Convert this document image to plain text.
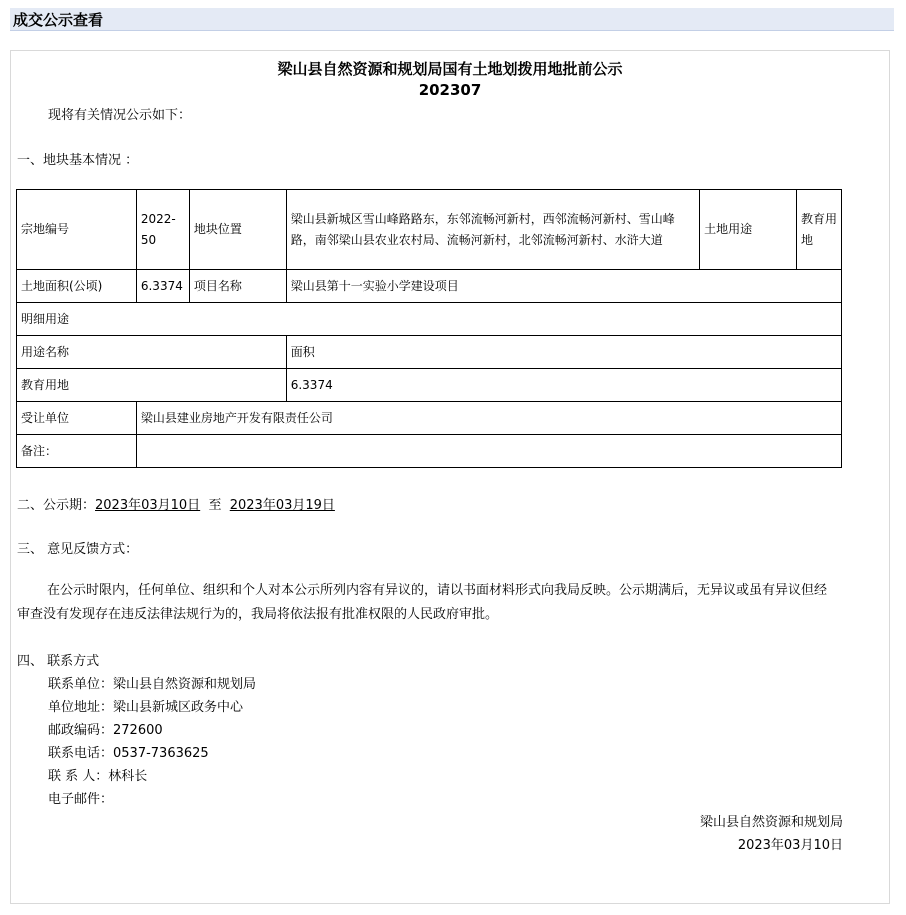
成交公示查看
梁山县自然资源和规划局国有土地划拨用地批前公示
202307
现将有关情况公示如下：
一、地块基本情况 ：
宗地编号	2022-50	地块位置	梁山县新城区雪山峰路路东，东邻流畅河新村，西邻流畅河新村、雪山峰路，南邻梁山县农业农村局、流畅河新村，北邻流畅河新村、水浒大道	土地用途	教育用地
土地面积(公顷)	6.3374	项目名称	梁山县第十一实验小学建设项目		
明细用途					
用途名称			面积		
教育用地			6.3374		
受让单位	梁山县建业房地产开发有限责任公司				
备注：					
二、公示期：2023年03月10日 至 2023年03月19日
三、 意见反馈方式：
在公示时限内，任何单位、组织和个人对本公示所列内容有异议的，请以书面材料形式向我局反映。公示期满后，无异议或虽有异议但经审查没有发现存在违反法律法规行为的，我局将依法报有批准权限的人民政府审批。
四、 联系方式
联系单位：梁山县自然资源和规划局
单位地址：梁山县新城区政务中心
邮政编码：272600
联系电话：0537-7363625
联 系 人：林科长
电子邮件：
梁山县自然资源和规划局
2023年03月10日
